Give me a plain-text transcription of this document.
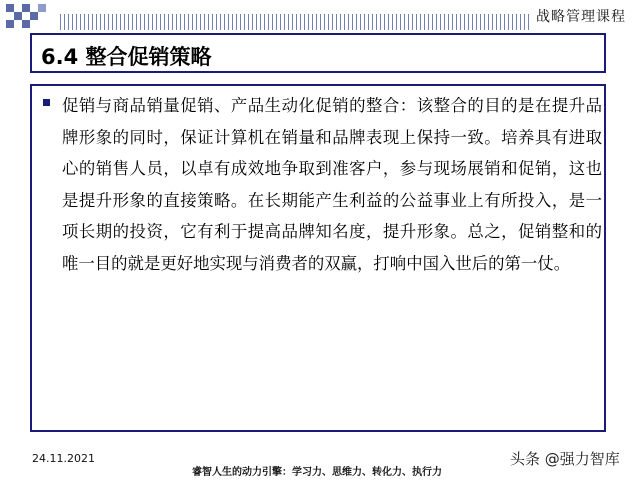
战略管理课程
6.4 整合促销策略
促销与商品销量促销、产品生动化促销的整合：该整合的目的是在提升品牌形象的同时，保证计算机在销量和品牌表现上保持一致。培养具有进取心的销售人员，以卓有成效地争取到准客户，参与现场展销和促销，这也是提升形象的直接策略。在长期能产生利益的公益事业上有所投入，是一项长期的投资，它有利于提高品牌知名度，提升形象。总之，促销整和的唯一目的就是更好地实现与消费者的双赢，打响中国入世后的第一仗。
24.11.2021
睿智人生的动力引擎：学习力、思维力、转化力、执行力
头条 @强力智库
